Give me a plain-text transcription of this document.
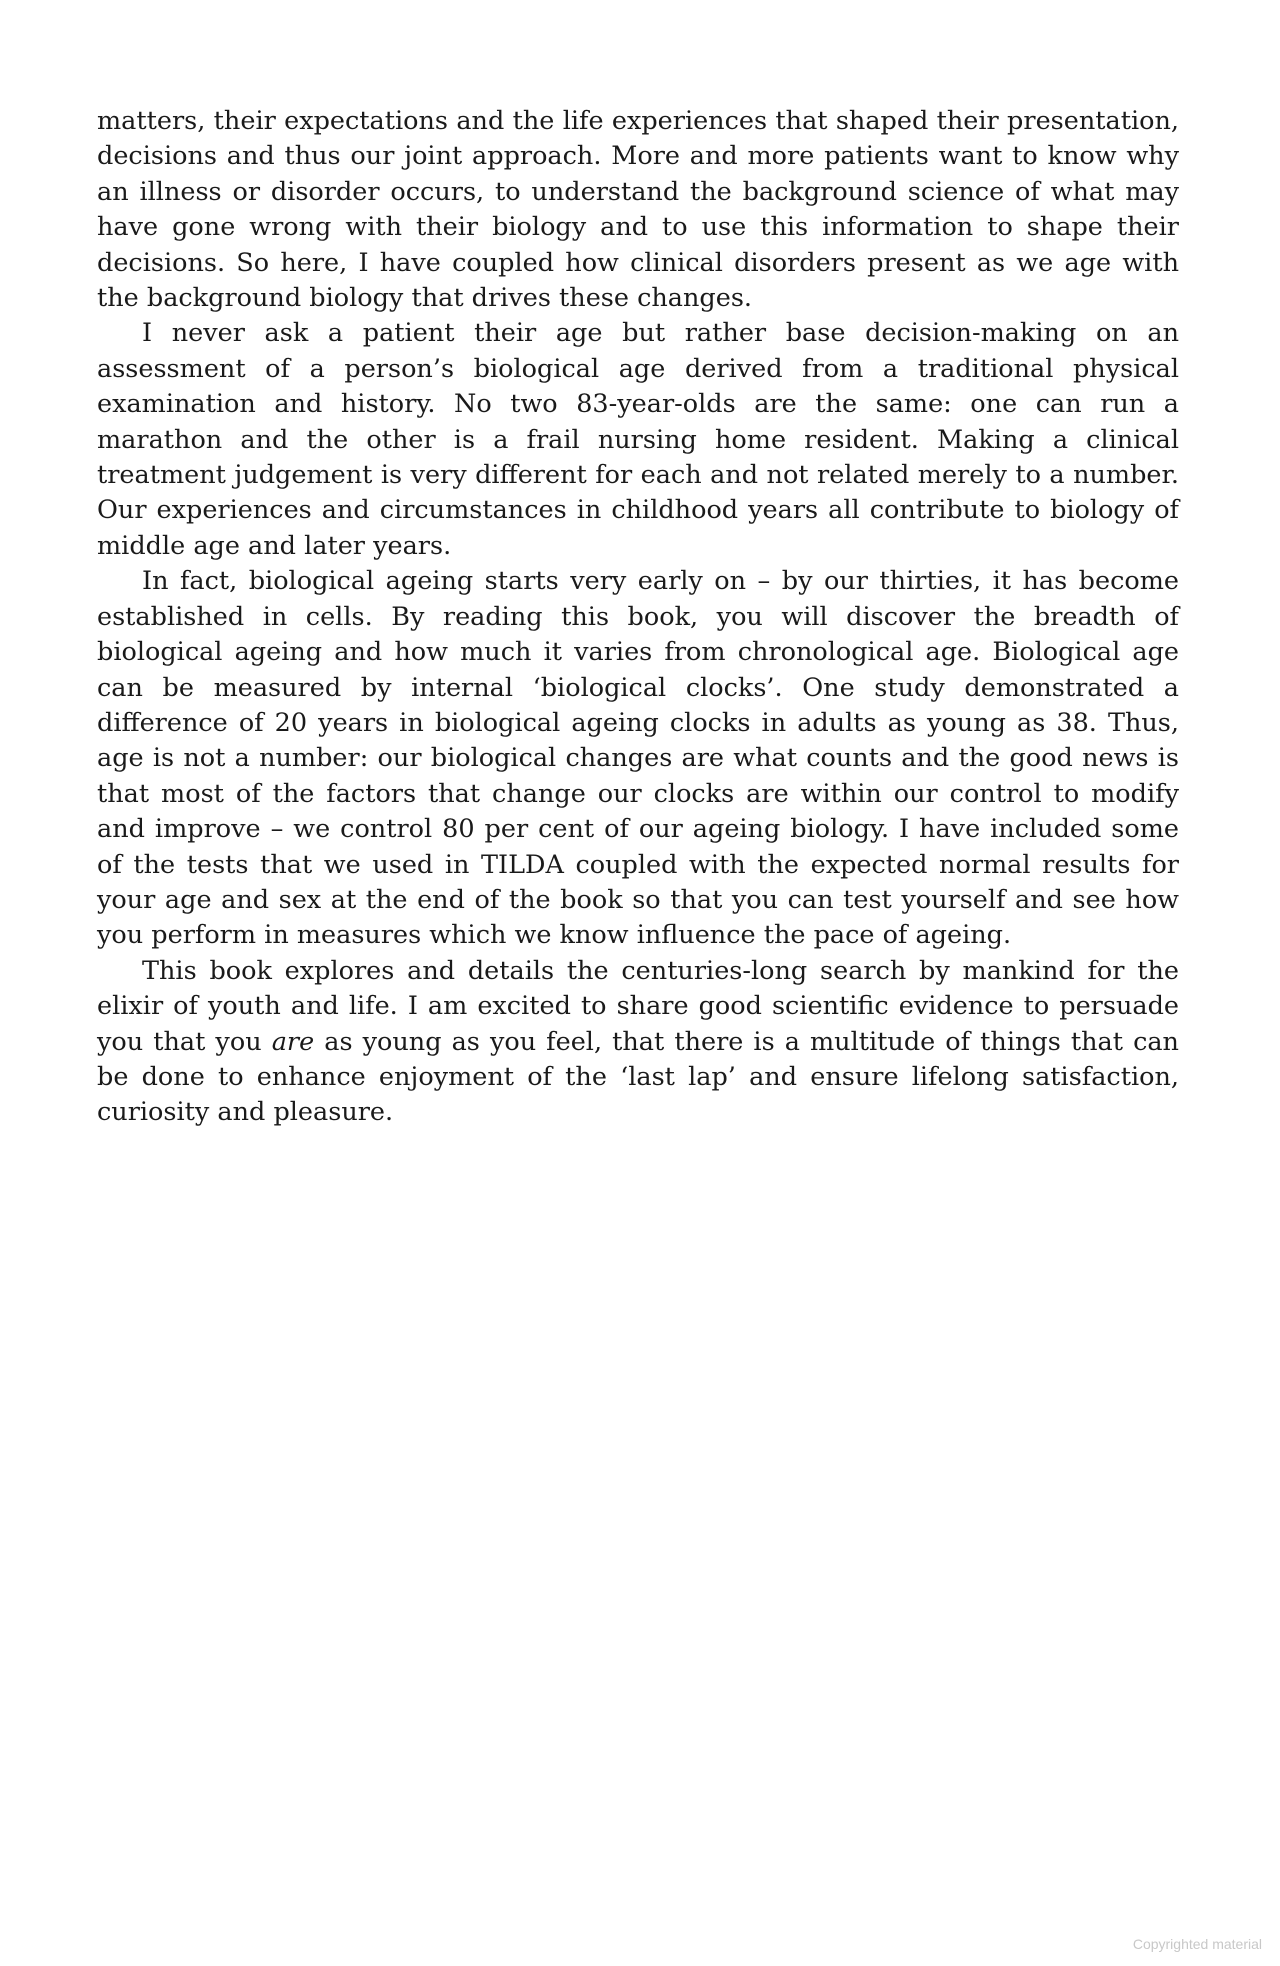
matters, their expectations and the life experiences that shaped their presentation, decisions and thus our joint approach. More and more patients want to know why an illness or disorder occurs, to understand the background science of what may have gone wrong with their biology and to use this information to shape their decisions. So here, I have coupled how clinical disorders present as we age with the background biology that drives these changes.

I never ask a patient their age but rather base decision-making on an assessment of a person’s biological age derived from a traditional physical examination and history. No two 83-year-olds are the same: one can run a marathon and the other is a frail nursing home resident. Making a clinical treatment judgement is very different for each and not related merely to a number. Our experiences and circumstances in childhood years all contribute to biology of middle age and later years.

In fact, biological ageing starts very early on – by our thirties, it has become established in cells. By reading this book, you will discover the breadth of biological ageing and how much it varies from chronological age. Biological age can be measured by internal ‘biological clocks’. One study demonstrated a difference of 20 years in biological ageing clocks in adults as young as 38. Thus, age is not a number: our biological changes are what counts and the good news is that most of the factors that change our clocks are within our control to modify and improve – we control 80 per cent of our ageing biology. I have included some of the tests that we used in TILDA coupled with the expected normal results for your age and sex at the end of the book so that you can test yourself and see how you perform in measures which we know influence the pace of ageing.

This book explores and details the centuries-long search by mankind for the elixir of youth and life. I am excited to share good scientific evidence to persuade you that you are as young as you feel, that there is a multitude of things that can be done to enhance enjoyment of the ‘last lap’ and ensure lifelong satisfaction, curiosity and pleasure.

Copyrighted material
